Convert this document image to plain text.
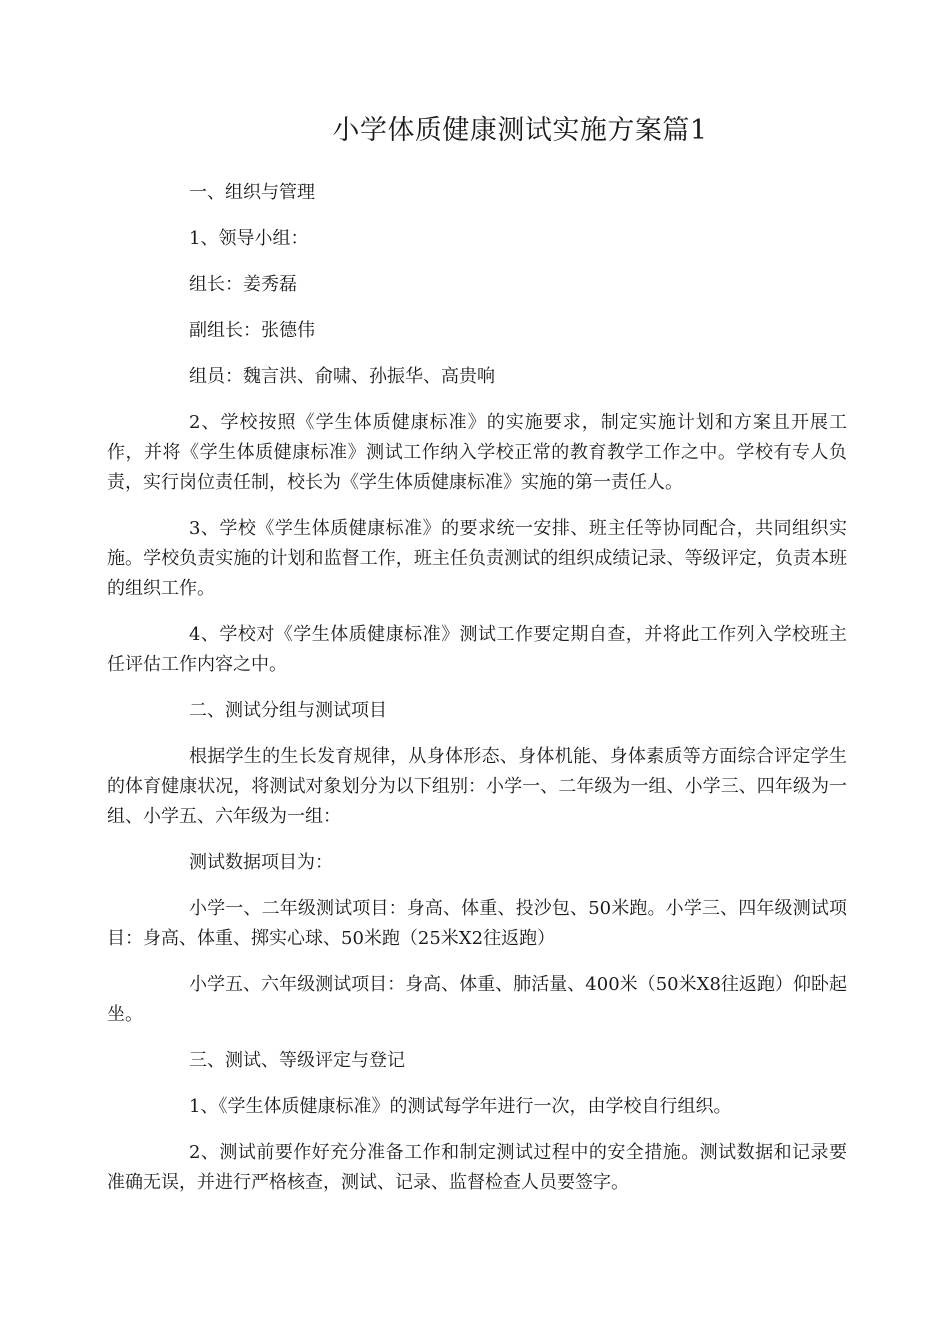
小学体质健康测试实施方案篇1

一、组织与管理

1、领导小组：

组长：姜秀磊

副组长：张德伟

组员：魏言洪、俞啸、孙振华、高贵响

2、学校按照《学生体质健康标准》的实施要求，制定实施计划和方案且开展工作，并将《学生体质健康标准》测试工作纳入学校正常的教育教学工作之中。学校有专人负责，实行岗位责任制，校长为《学生体质健康标准》实施的第一责任人。

3、学校《学生体质健康标准》的要求统一安排、班主任等协同配合，共同组织实施。学校负责实施的计划和监督工作，班主任负责测试的组织成绩记录、等级评定，负责本班的组织工作。

4、学校对《学生体质健康标准》测试工作要定期自查，并将此工作列入学校班主任评估工作内容之中。

二、测试分组与测试项目

根据学生的生长发育规律，从身体形态、身体机能、身体素质等方面综合评定学生的体育健康状况，将测试对象划分为以下组别：小学一、二年级为一组、小学三、四年级为一组、小学五、六年级为一组：

测试数据项目为：

小学一、二年级测试项目：身高、体重、投沙包、50米跑。小学三、四年级测试项目：身高、体重、掷实心球、50米跑（25米X2往返跑）

小学五、六年级测试项目：身高、体重、肺活量、400米（50米X8往返跑）仰卧起坐。

三、测试、等级评定与登记

1、《学生体质健康标准》的测试每学年进行一次，由学校自行组织。

2、测试前要作好充分准备工作和制定测试过程中的安全措施。测试数据和记录要准确无误，并进行严格核查，测试、记录、监督检查人员要签字。
